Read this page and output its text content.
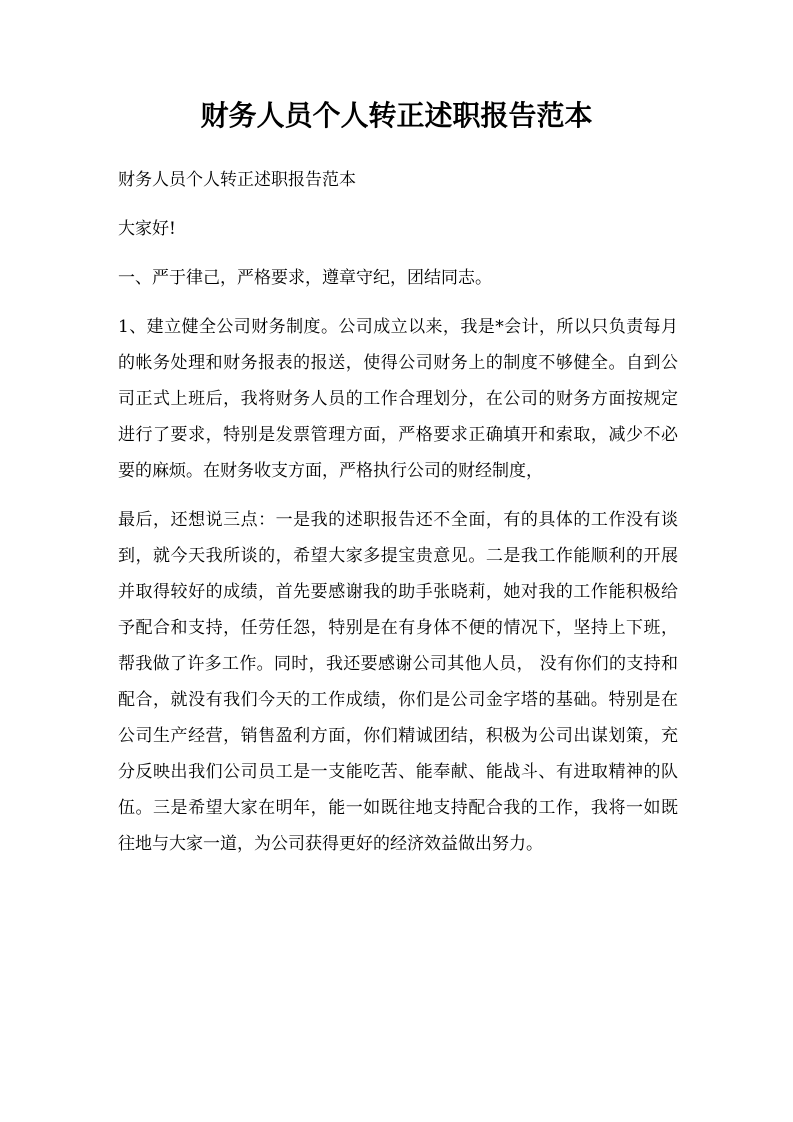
财务人员个人转正述职报告范本

财务人员个人转正述职报告范本

大家好!

一、严于律己，严格要求，遵章守纪，团结同志。

1、建立健全公司财务制度。公司成立以来，我是*会计，所以只负责每月的帐务处理和财务报表的报送，使得公司财务上的制度不够健全。自到公司正式上班后，我将财务人员的工作合理划分，在公司的财务方面按规定进行了要求，特别是发票管理方面，严格要求正确填开和索取，减少不必要的麻烦。在财务收支方面，严格执行公司的财经制度，

最后，还想说三点：一是我的述职报告还不全面，有的具体的工作没有谈到，就今天我所谈的，希望大家多提宝贵意见。二是我工作能顺利的开展并取得较好的成绩，首先要感谢我的助手张晓莉，她对我的工作能积极给予配合和支持，任劳任怨，特别是在有身体不便的情况下，坚持上下班，帮我做了许多工作。同时，我还要感谢公司其他人员， 没有你们的支持和配合，就没有我们今天的工作成绩，你们是公司金字塔的基础。特别是在公司生产经营，销售盈利方面，你们精诚团结，积极为公司出谋划策，充分反映出我们公司员工是一支能吃苦、能奉献、能战斗、有进取精神的队伍。三是希望大家在明年，能一如既往地支持配合我的工作，我将一如既往地与大家一道，为公司获得更好的经济效益做出努力。
